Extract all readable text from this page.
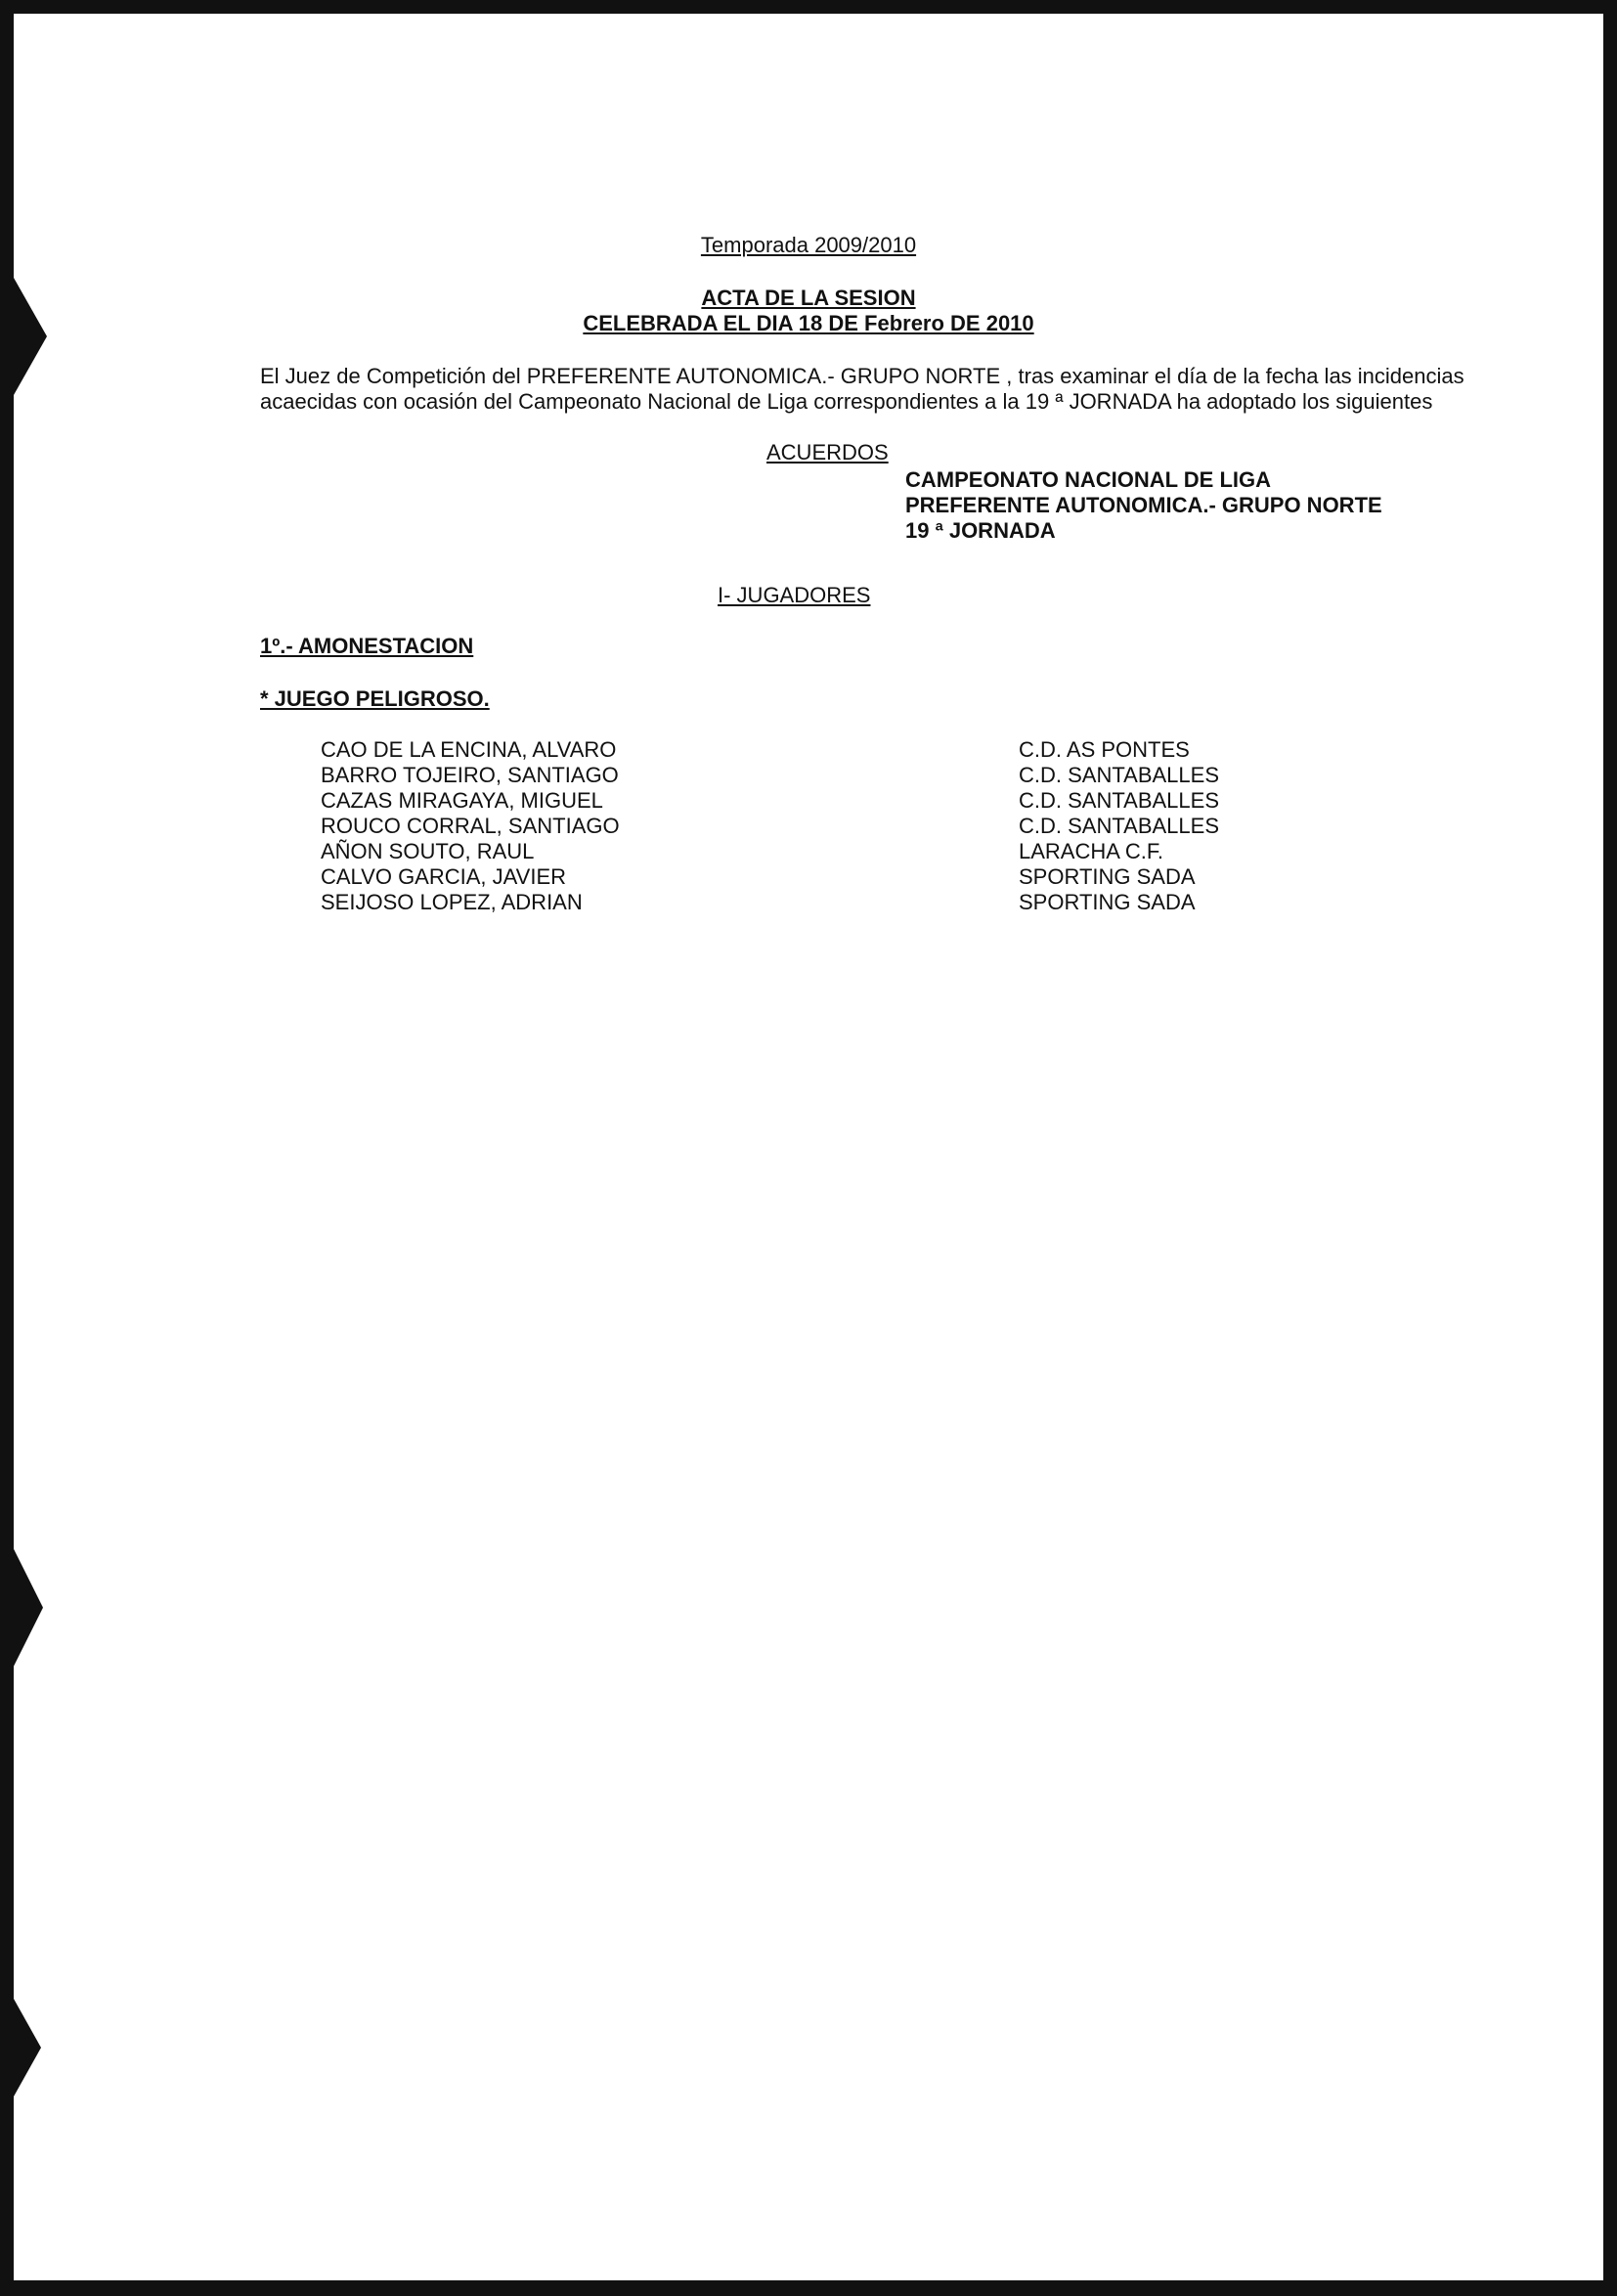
Temporada 2009/2010
ACTA DE LA SESION
CELEBRADA EL DIA 18 DE Febrero DE 2010
El Juez de Competición del PREFERENTE AUTONOMICA.- GRUPO NORTE , tras examinar el día de la fecha las incidencias
acaecidas con ocasión del Campeonato Nacional de Liga correspondientes a la 19 ª JORNADA ha adoptado los siguientes
ACUERDOS
CAMPEONATO NACIONAL DE LIGA
PREFERENTE AUTONOMICA.- GRUPO NORTE
19 ª JORNADA
I- JUGADORES
1º.- AMONESTACION
* JUEGO PELIGROSO.
CAO DE LA ENCINA, ALVARO	C.D. AS PONTES
BARRO TOJEIRO, SANTIAGO	C.D. SANTABALLES
CAZAS MIRAGAYA, MIGUEL	C.D. SANTABALLES
ROUCO CORRAL, SANTIAGO	C.D. SANTABALLES
AÑON SOUTO, RAUL	LARACHA C.F.
CALVO GARCIA, JAVIER	SPORTING SADA
SEIJOSO LOPEZ, ADRIAN	SPORTING SADA
